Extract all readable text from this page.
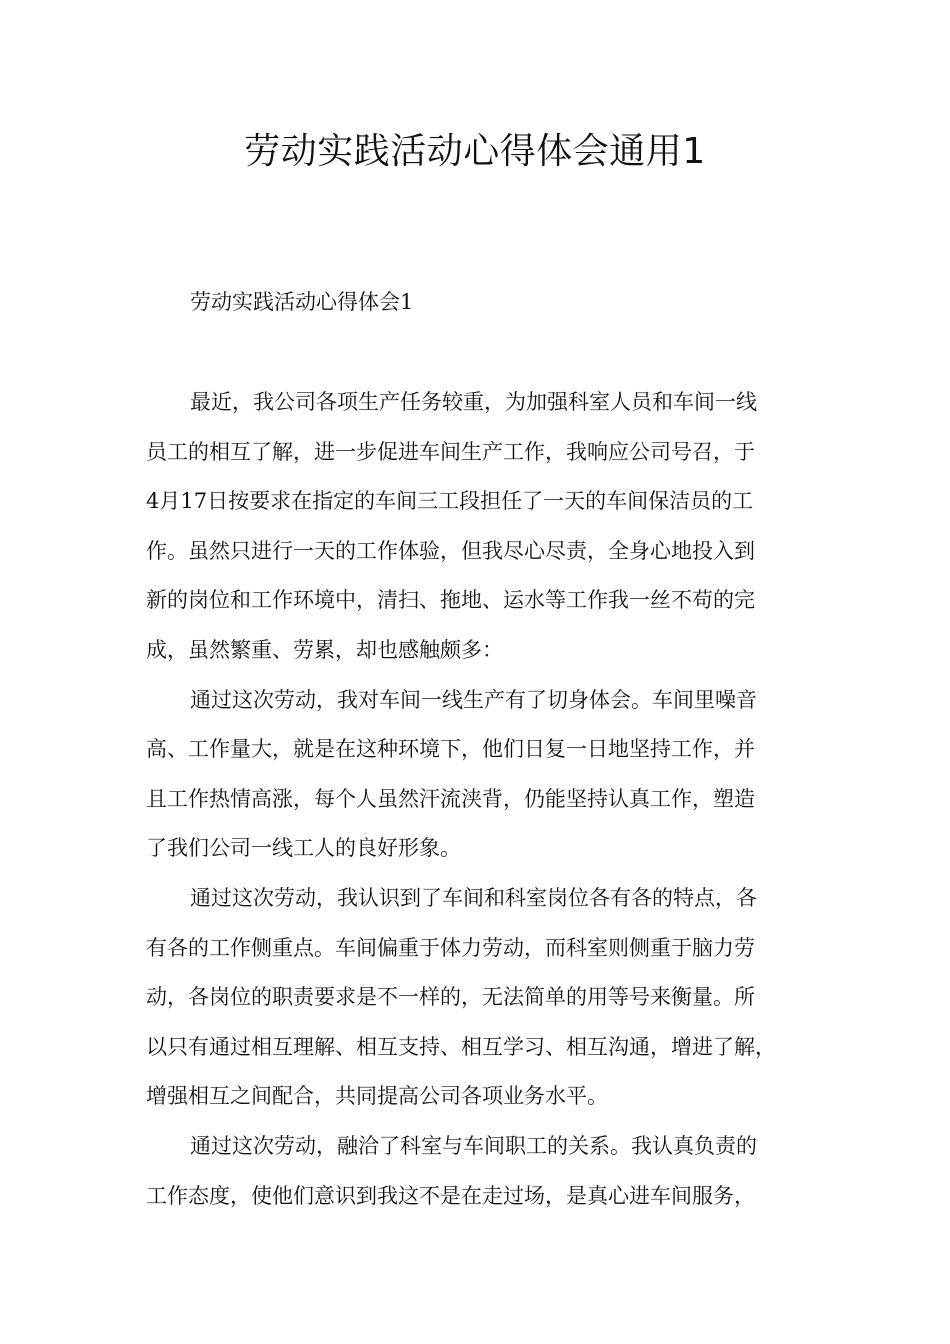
劳动实践活动心得体会通用1
劳动实践活动心得体会1
最近，我公司各项生产任务较重，为加强科室人员和车间一线
员工的相互了解，进一步促进车间生产工作，我响应公司号召，于
4月17日按要求在指定的车间三工段担任了一天的车间保洁员的工
作。虽然只进行一天的工作体验，但我尽心尽责，全身心地投入到
新的岗位和工作环境中，清扫、拖地、运水等工作我一丝不苟的完
成，虽然繁重、劳累，却也感触颇多：
通过这次劳动，我对车间一线生产有了切身体会。车间里噪音
高、工作量大，就是在这种环境下，他们日复一日地坚持工作，并
且工作热情高涨，每个人虽然汗流浃背，仍能坚持认真工作，塑造
了我们公司一线工人的良好形象。
通过这次劳动，我认识到了车间和科室岗位各有各的特点，各
有各的工作侧重点。车间偏重于体力劳动，而科室则侧重于脑力劳
动，各岗位的职责要求是不一样的，无法简单的用等号来衡量。所
以只有通过相互理解、相互支持、相互学习、相互沟通，增进了解，
增强相互之间配合，共同提高公司各项业务水平。
通过这次劳动，融洽了科室与车间职工的关系。我认真负责的
工作态度，使他们意识到我这不是在走过场，是真心进车间服务，
